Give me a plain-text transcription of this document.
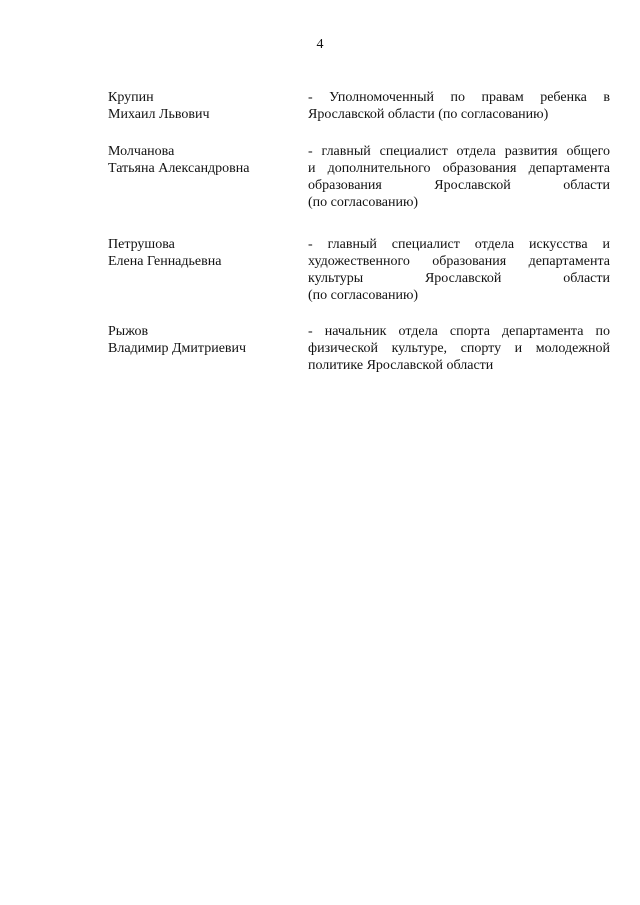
4
Крупин
Михаил Львович
- Уполномоченный по правам ребенка в
Ярославской области (по согласованию)
Молчанова
Татьяна Александровна
- главный специалист отдела развития общего
и дополнительного образования департамента
образования Ярославской области
(по согласованию)
Петрушова
Елена Геннадьевна
- главный специалист отдела искусства и
художественного образования департамента
культуры Ярославской области
(по согласованию)
Рыжов
Владимир Дмитриевич
- начальник отдела спорта департамента по
физической культуре, спорту и молодежной
политике Ярославской области
